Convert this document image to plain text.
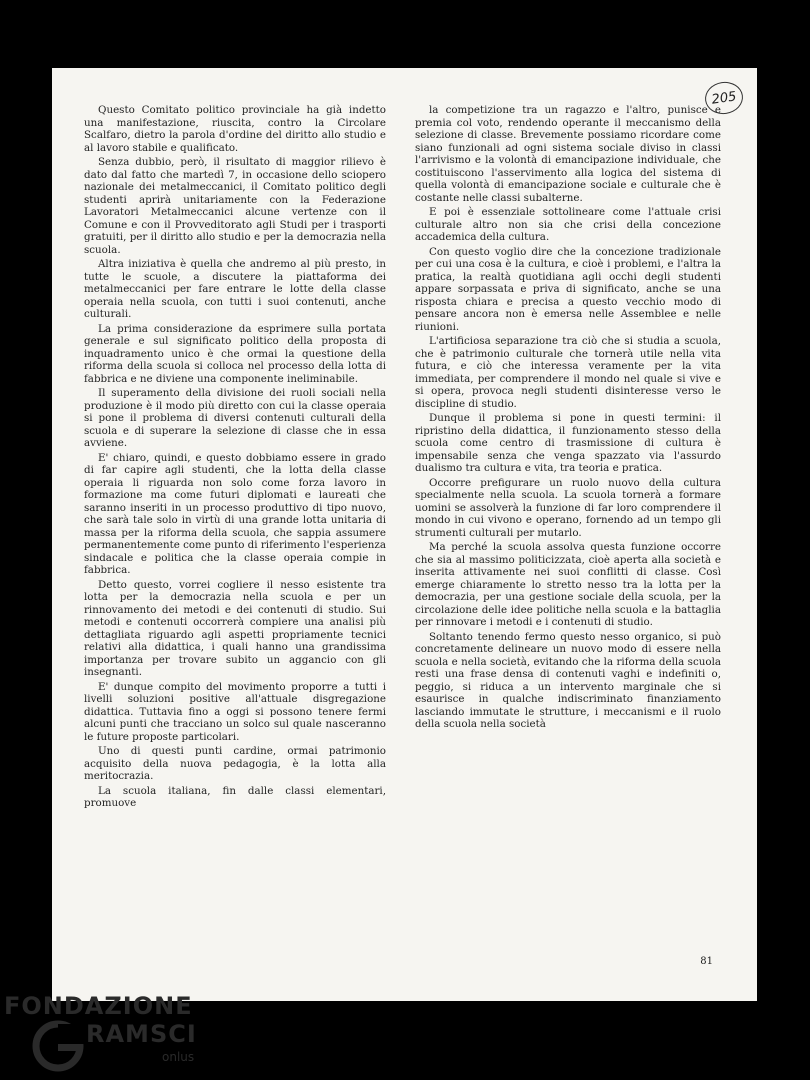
205

Questo Comitato politico provinciale ha già indetto una manifestazione, riuscita, contro la Circolare Scalfaro, dietro la parola d'ordine del diritto allo studio e al lavoro stabile e qualificato.

Senza dubbio, però, il risultato di maggior rilievo è dato dal fatto che martedì 7, in occasione dello sciopero nazionale dei metalmeccanici, il Comitato politico degli studenti aprirà unitariamente con la Federazione Lavoratori Metalmeccanici alcune vertenze con il Comune e con il Provveditorato agli Studi per i trasporti gratuiti, per il diritto allo studio e per la democrazia nella scuola.

Altra iniziativa è quella che andremo al più presto, in tutte le scuole, a discutere la piattaforma dei metalmeccanici per fare entrare le lotte della classe operaia nella scuola, con tutti i suoi contenuti, anche culturali.

La prima considerazione da esprimere sulla portata generale e sul significato politico della proposta di inquadramento unico è che ormai la questione della riforma della scuola si colloca nel processo della lotta di fabbrica e ne diviene una componente ineliminabile.

Il superamento della divisione dei ruoli sociali nella produzione è il modo più diretto con cui la classe operaia si pone il problema di diversi contenuti culturali della scuola e di superare la selezione di classe che in essa avviene.

E' chiaro, quindi, e questo dobbiamo essere in grado di far capire agli studenti, che la lotta della classe operaia li riguarda non solo come forza lavoro in formazione ma come futuri diplomati e laureati che saranno inseriti in un processo produttivo di tipo nuovo, che sarà tale solo in virtù di una grande lotta unitaria di massa per la riforma della scuola, che sappia assumere permanentemente come punto di riferimento l'esperienza sindacale e politica che la classe operaia compie in fabbrica.

Detto questo, vorrei cogliere il nesso esistente tra lotta per la democrazia nella scuola e per un rinnovamento dei metodi e dei contenuti di studio. Sui metodi e contenuti occorrerà compiere una analisi più dettagliata riguardo agli aspetti propriamente tecnici relativi alla didattica, i quali hanno una grandissima importanza per trovare subito un aggancio con gli insegnanti.

E' dunque compito del movimento proporre a tutti i livelli soluzioni positive all'attuale disgregazione didattica. Tuttavia fino a oggi si possono tenere fermi alcuni punti che tracciano un solco sul quale nasceranno le future proposte particolari.

Uno di questi punti cardine, ormai patrimonio acquisito della nuova pedagogia, è la lotta alla meritocrazia.

La scuola italiana, fin dalle classi elementari, promuove

la competizione tra un ragazzo e l'altro, punisce e premia col voto, rendendo operante il meccanismo della selezione di classe. Brevemente possiamo ricordare come siano funzionali ad ogni sistema sociale diviso in classi l'arrivismo e la volontà di emancipazione individuale, che costituiscono l'asservimento alla logica del sistema di quella volontà di emancipazione sociale e culturale che è costante nelle classi subalterne.

E poi è essenziale sottolineare come l'attuale crisi culturale altro non sia che crisi della concezione accademica della cultura.

Con questo voglio dire che la concezione tradizionale per cui una cosa è la cultura, e cioè i problemi, e l'altra la pratica, la realtà quotidiana agli occhi degli studenti appare sorpassata e priva di significato, anche se una risposta chiara e precisa a questo vecchio modo di pensare ancora non è emersa nelle Assemblee e nelle riunioni.

L'artificiosa separazione tra ciò che si studia a scuola, che è patrimonio culturale che tornerà utile nella vita futura, e ciò che interessa veramente per la vita immediata, per comprendere il mondo nel quale si vive e si opera, provoca negli studenti disinteresse verso le discipline di studio.

Dunque il problema si pone in questi termini: il ripristino della didattica, il funzionamento stesso della scuola come centro di trasmissione di cultura è impensabile senza che venga spazzato via l'assurdo dualismo tra cultura e vita, tra teoria e pratica.

Occorre prefigurare un ruolo nuovo della cultura specialmente nella scuola. La scuola tornerà a formare uomini se assolverà la funzione di far loro comprendere il mondo in cui vivono e operano, fornendo ad un tempo gli strumenti culturali per mutarlo.

Ma perché la scuola assolva questa funzione occorre che sia al massimo politicizzata, cioè aperta alla società e inserita attivamente nei suoi conflitti di classe. Così emerge chiaramente lo stretto nesso tra la lotta per la democrazia, per una gestione sociale della scuola, per la circolazione delle idee politiche nella scuola e la battaglia per rinnovare i metodi e i contenuti di studio.

Soltanto tenendo fermo questo nesso organico, si può concretamente delineare un nuovo modo di essere nella scuola e nella società, evitando che la riforma della scuola resti una frase densa di contenuti vaghi e indefiniti o, peggio, si riduca a un intervento marginale che si esaurisce in qualche indiscriminato finanziamento lasciando immutate le strutture, i meccanismi e il ruolo della scuola nella società

81
FONDAZIONE
RAMSCI
onlus
